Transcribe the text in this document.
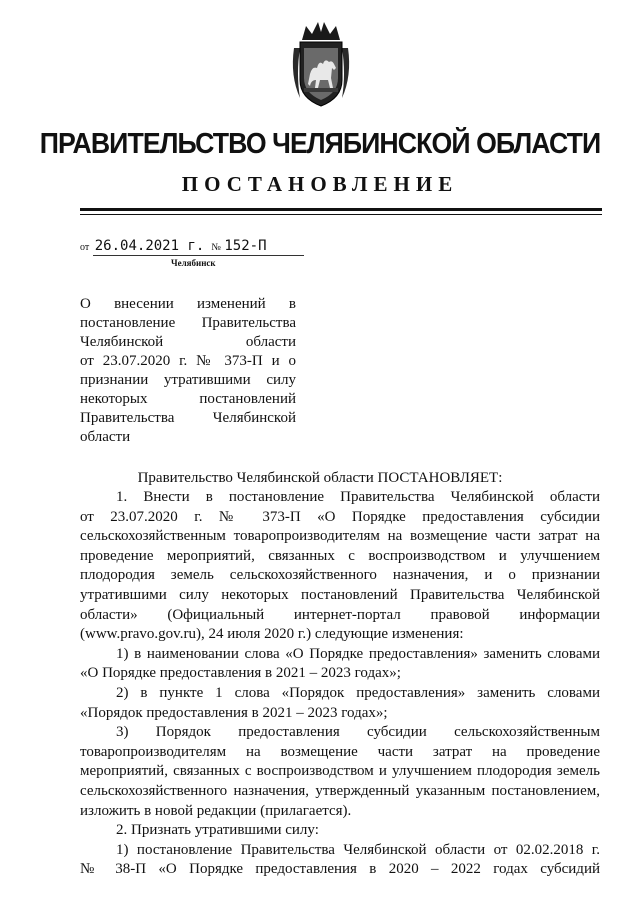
ПРАВИТЕЛЬСТВО ЧЕЛЯБИНСКОЙ ОБЛАСТИ
ПОСТАНОВЛЕНИЕ
от 26.04.2021 г. № 152-П
Челябинск
О внесении изменений в
постановление Правительства
Челябинской области
от 23.07.2020 г. № 373-П и о
признании утратившими силу
некоторых постановлений
Правительства Челябинской
области
Правительство Челябинской области ПОСТАНОВЛЯЕТ:
1. Внести в постановление Правительства Челябинской области
от 23.07.2020 г. № 373-П «О Порядке предоставления субсидии
сельскохозяйственным товаропроизводителям на возмещение части затрат на
проведение мероприятий, связанных с воспроизводством и улучшением
плодородия земель сельскохозяйственного назначения, и о признании
утратившими силу некоторых постановлений Правительства Челябинской
области» (Официальный интернет-портал правовой информации
(www.pravo.gov.ru), 24 июля 2020 г.) следующие изменения:
1) в наименовании слова «О Порядке предоставления» заменить словами
«О Порядке предоставления в 2021 – 2023 годах»;
2) в пункте 1 слова «Порядок предоставления» заменить словами
«Порядок предоставления в 2021 – 2023 годах»;
3) Порядок предоставления субсидии сельскохозяйственным
товаропроизводителям на возмещение части затрат на проведение
мероприятий, связанных с воспроизводством и улучшением плодородия земель
сельскохозяйственного назначения, утвержденный указанным постановлением,
изложить в новой редакции (прилагается).
2. Признать утратившими силу:
1) постановление Правительства Челябинской области от 02.02.2018 г.
№ 38-П «О Порядке предоставления в 2020 – 2022 годах субсидий
